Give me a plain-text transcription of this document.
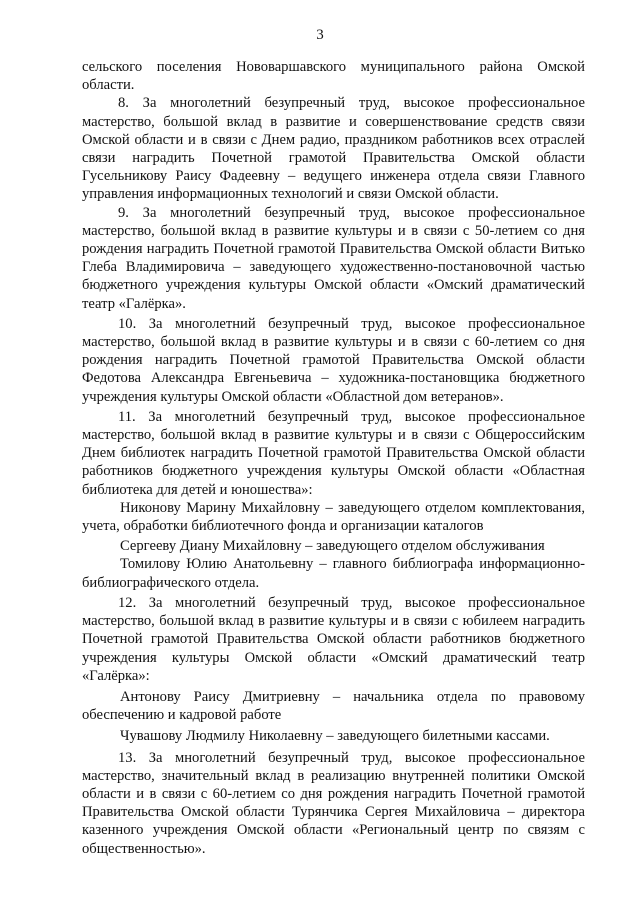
3

сельского поселения Нововаршавского муниципального района Омской области.

8. За многолетний безупречный труд, высокое профессиональное мастерство, большой вклад в развитие и совершенствование средств связи Омской области и в связи с Днем радио, праздником работников всех отраслей связи наградить Почетной грамотой Правительства Омской области Гусельникову Раису Фадеевну – ведущего инженера отдела связи Главного управления информационных технологий и связи Омской области.

9. За многолетний безупречный труд, высокое профессиональное мастерство, большой вклад в развитие культуры и в связи с 50-летием со дня рождения наградить Почетной грамотой Правительства Омской области Витько Глеба Владимировича – заведующего художественно-постановочной частью бюджетного учреждения культуры Омской области «Омский драматический театр «Галёрка».

10. За многолетний безупречный труд, высокое профессиональное мастерство, большой вклад в развитие культуры и в связи с 60-летием со дня рождения наградить Почетной грамотой Правительства Омской области Федотова Александра Евгеньевича – художника-постановщика бюджетного учреждения культуры Омской области «Областной дом ветеранов».

11. За многолетний безупречный труд, высокое профессиональное мастерство, большой вклад в развитие культуры и в связи с Общероссийским Днем библиотек наградить Почетной грамотой Правительства Омской области работников бюджетного учреждения культуры Омской области «Областная библиотека для детей и юношества»:

Никонову Марину Михайловну – заведующего отделом комплектования, учета, обработки библиотечного фонда и организации каталогов

Сергееву Диану Михайловну – заведующего отделом обслуживания

Томилову Юлию Анатольевну – главного библиографа информационно-библиографического отдела.

12. За многолетний безупречный труд, высокое профессиональное мастерство, большой вклад в развитие культуры и в связи с юбилеем наградить Почетной грамотой Правительства Омской области работников бюджетного учреждения культуры Омской области «Омский драматический театр «Галёрка»:

Антонову Раису Дмитриевну – начальника отдела по правовому обеспечению и кадровой работе

Чувашову Людмилу Николаевну – заведующего билетными кассами.

13. За многолетний безупречный труд, высокое профессиональное мастерство, значительный вклад в реализацию внутренней политики Омской области и в связи с 60-летием со дня рождения наградить Почетной грамотой Правительства Омской области Турянчика Сергея Михайловича – директора казенного учреждения Омской области «Региональный центр по связям с общественностью».
